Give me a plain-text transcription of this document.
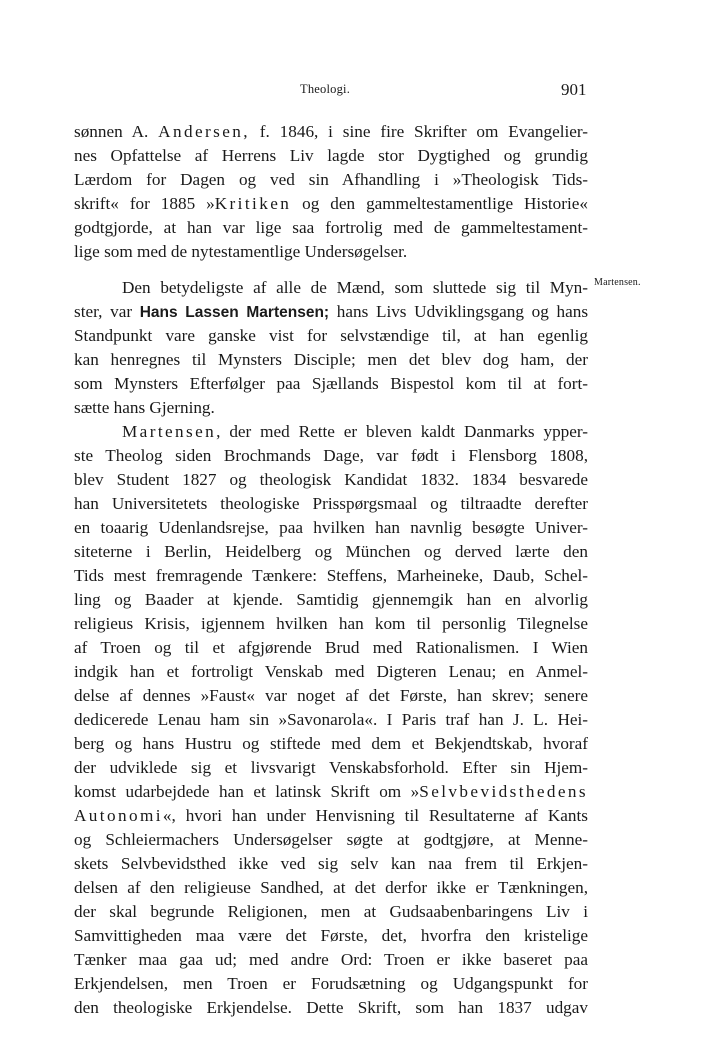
Theologi.	901
Martensen.
sønnen A. Andersen, f. 1846, i sine fire Skrifter om Evangelier-
nes Opfattelse af Herrens Liv lagde stor Dygtighed og grundig
Lærdom for Dagen og ved sin Afhandling i »Theologisk Tids-
skrift« for 1885 »Kritiken og den gammeltestamentlige Historie«
godtgjorde, at han var lige saa fortrolig med de gammeltestament-
lige som med de nytestamentlige Undersøgelser.
Den betydeligste af alle de Mænd, som sluttede sig til Myn-
ster, var Hans Lassen Martensen; hans Livs Udviklingsgang og hans
Standpunkt vare ganske vist for selvstændige til, at han egenlig
kan henregnes til Mynsters Disciple; men det blev dog ham, der
som Mynsters Efterfølger paa Sjællands Bispestol kom til at fort-
sætte hans Gjerning.
Martensen, der med Rette er bleven kaldt Danmarks ypper-
ste Theolog siden Brochmands Dage, var født i Flensborg 1808,
blev Student 1827 og theologisk Kandidat 1832. 1834 besvarede
han Universitetets theologiske Prisspørgsmaal og tiltraadte derefter
en toaarig Udenlandsrejse, paa hvilken han navnlig besøgte Univer-
siteterne i Berlin, Heidelberg og München og derved lærte den
Tids mest fremragende Tænkere: Steffens, Marheineke, Daub, Schel-
ling og Baader at kjende. Samtidig gjennemgik han en alvorlig
religieus Krisis, igjennem hvilken han kom til personlig Tilegnelse
af Troen og til et afgjørende Brud med Rationalismen. I Wien
indgik han et fortroligt Venskab med Digteren Lenau; en Anmel-
delse af dennes »Faust« var noget af det Første, han skrev; senere
dedicerede Lenau ham sin »Savonarola«. I Paris traf han J. L. Hei-
berg og hans Hustru og stiftede med dem et Bekjendtskab, hvoraf
der udviklede sig et livsvarigt Venskabsforhold. Efter sin Hjem-
komst udarbejdede han et latinsk Skrift om »Selvbevidsthedens
Autonomi«, hvori han under Henvisning til Resultaterne af Kants
og Schleiermachers Undersøgelser søgte at godtgjøre, at Menne-
skets Selvbevidsthed ikke ved sig selv kan naa frem til Erkjen-
delsen af den religieuse Sandhed, at det derfor ikke er Tænkningen,
der skal begrunde Religionen, men at Gudsaabenbaringens Liv i
Samvittigheden maa være det Første, det, hvorfra den kristelige
Tænker maa gaa ud; med andre Ord: Troen er ikke baseret paa
Erkjendelsen, men Troen er Forudsætning og Udgangspunkt for
den theologiske Erkjendelse. Dette Skrift, som han 1837 udgav
